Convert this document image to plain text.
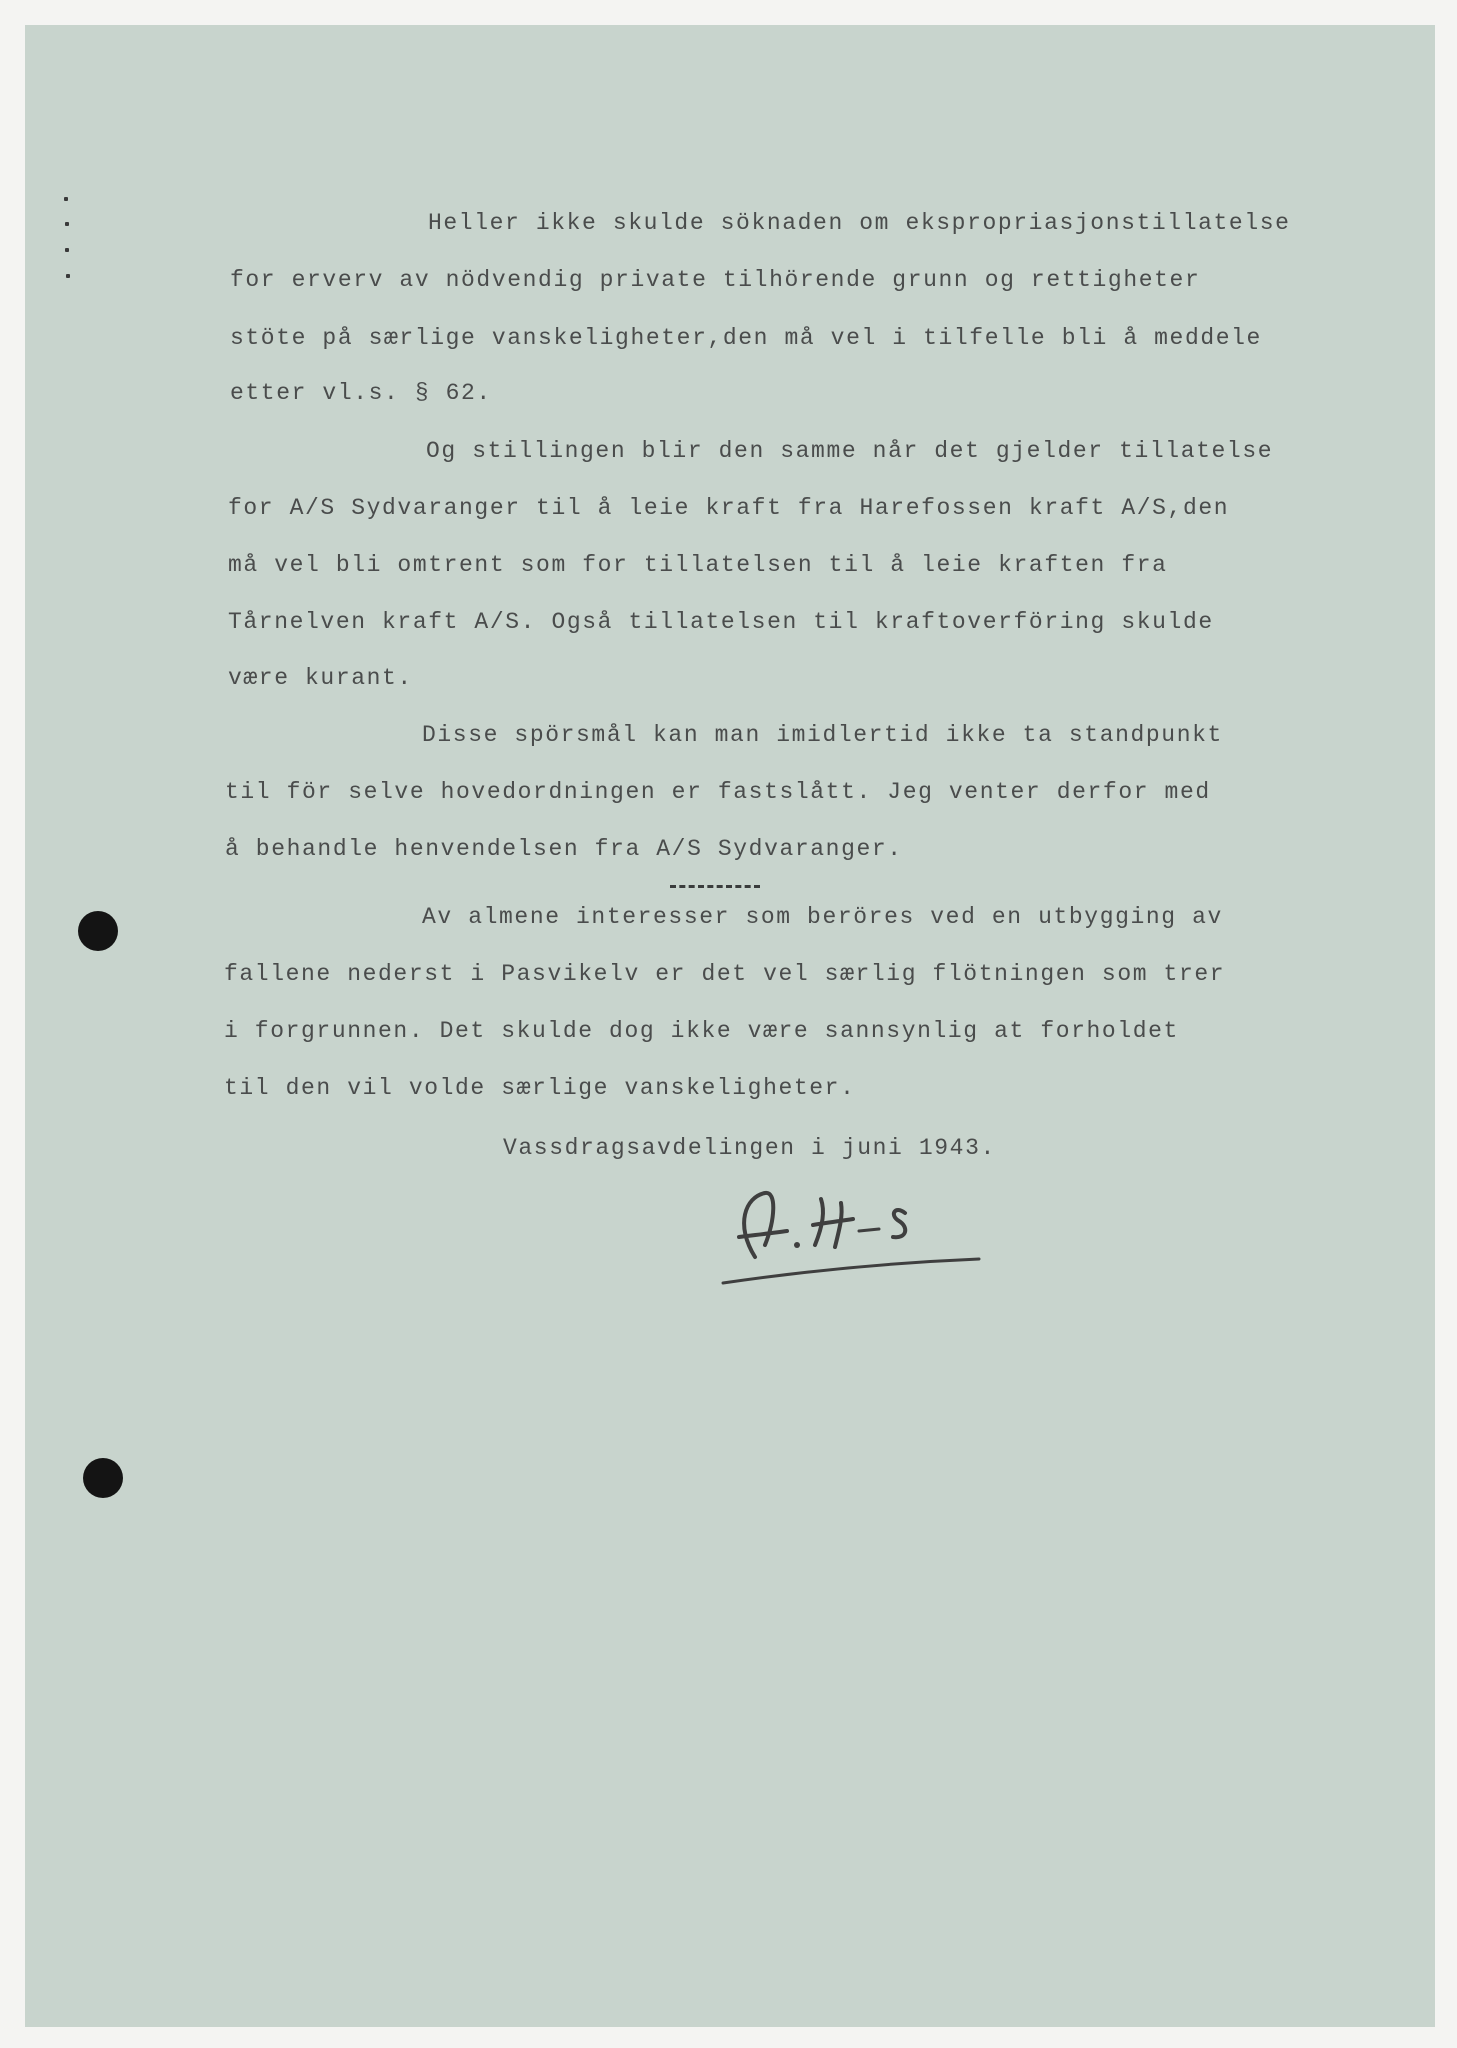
Heller ikke skulde söknaden om ekspropriasjonstillatelse
for erverv av nödvendig private tilhörende grunn og rettigheter
stöte på særlige vanskeligheter,den må vel i tilfelle bli å meddele
etter vl.s. § 62.
Og stillingen blir den samme når det gjelder tillatelse
for A/S Sydvaranger til å leie kraft fra Harefossen kraft A/S,den
må vel bli omtrent som for tillatelsen til å leie kraften fra
Tårnelven kraft A/S. Også tillatelsen til kraftoverföring skulde
være kurant.
Disse spörsmål kan man imidlertid ikke ta standpunkt
til för selve hovedordningen er fastslått. Jeg venter derfor med
å behandle henvendelsen fra A/S Sydvaranger.
Av almene interesser som beröres ved en utbygging av
fallene nederst i Pasvikelv er det vel særlig flötningen som trer
i forgrunnen. Det skulde dog ikke være sannsynlig at forholdet
til den vil volde særlige vanskeligheter.
Vassdragsavdelingen i juni 1943.
